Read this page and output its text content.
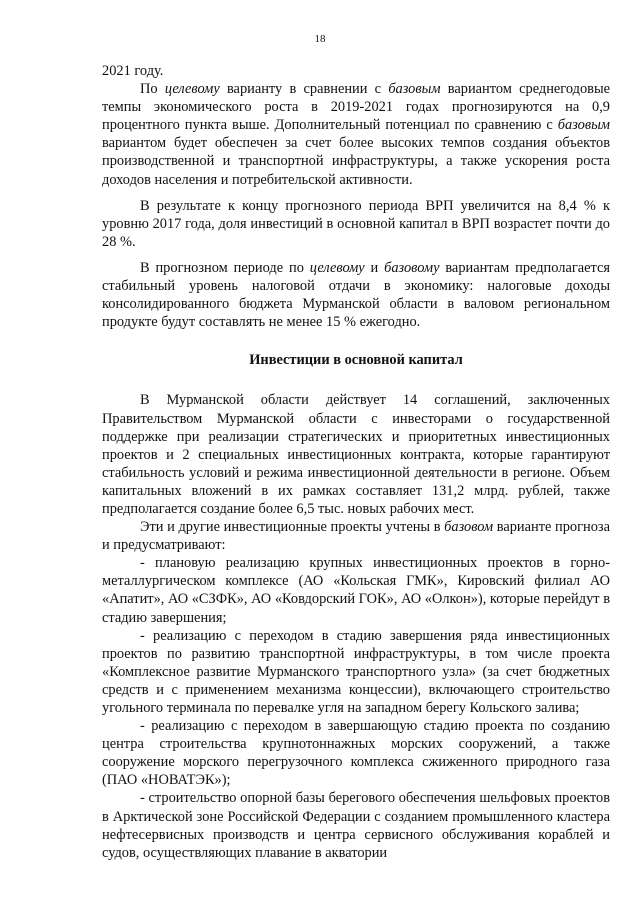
18

2021 году.

По целевому варианту в сравнении с базовым вариантом среднегодовые темпы экономического роста в 2019-2021 годах прогнозируются на 0,9 процентного пункта выше. Дополнительный потенциал по сравнению с базовым вариантом будет обеспечен за счет более высоких темпов создания объектов производственной и транспортной инфраструктуры, а также ускорения роста доходов населения и потребительской активности.

В результате к концу прогнозного периода ВРП увеличится на 8,4 % к уровню 2017 года, доля инвестиций в основной капитал в ВРП возрастет почти до 28 %.

В прогнозном периоде по целевому и базовому вариантам предполагается стабильный уровень налоговой отдачи в экономику: налоговые доходы консолидированного бюджета Мурманской области в валовом региональном продукте будут составлять не менее 15 % ежегодно.

Инвестиции в основной капитал

В Мурманской области действует 14 соглашений, заключенных Правительством Мурманской области с инвесторами о государственной поддержке при реализации стратегических и приоритетных инвестиционных проектов и 2 специальных инвестиционных контракта, которые гарантируют стабильность условий и режима инвестиционной деятельности в регионе. Объем капитальных вложений в их рамках составляет 131,2 млрд. рублей, также предполагается создание более 6,5 тыс. новых рабочих мест.

Эти и другие инвестиционные проекты учтены в базовом варианте прогноза и предусматривают:

- плановую реализацию крупных инвестиционных проектов в горно-металлургическом комплексе (АО «Кольская ГМК», Кировский филиал АО «Апатит», АО «СЗФК», АО «Ковдорский ГОК», АО «Олкон»), которые перейдут в стадию завершения;

- реализацию с переходом в стадию завершения ряда инвестиционных проектов по развитию транспортной инфраструктуры, в том числе проекта «Комплексное развитие Мурманского транспортного узла» (за счет бюджетных средств и с применением механизма концессии), включающего строительство угольного терминала по перевалке угля на западном берегу Кольского залива;

- реализацию с переходом в завершающую стадию проекта по созданию центра строительства крупнотоннажных морских сооружений, а также сооружение морского перегрузочного комплекса сжиженного природного газа (ПАО «НОВАТЭК»);

- строительство опорной базы берегового обеспечения шельфовых проектов в Арктической зоне Российской Федерации с созданием промышленного кластера нефтесервисных производств и центра сервисного обслуживания кораблей и судов, осуществляющих плавание в акватории
